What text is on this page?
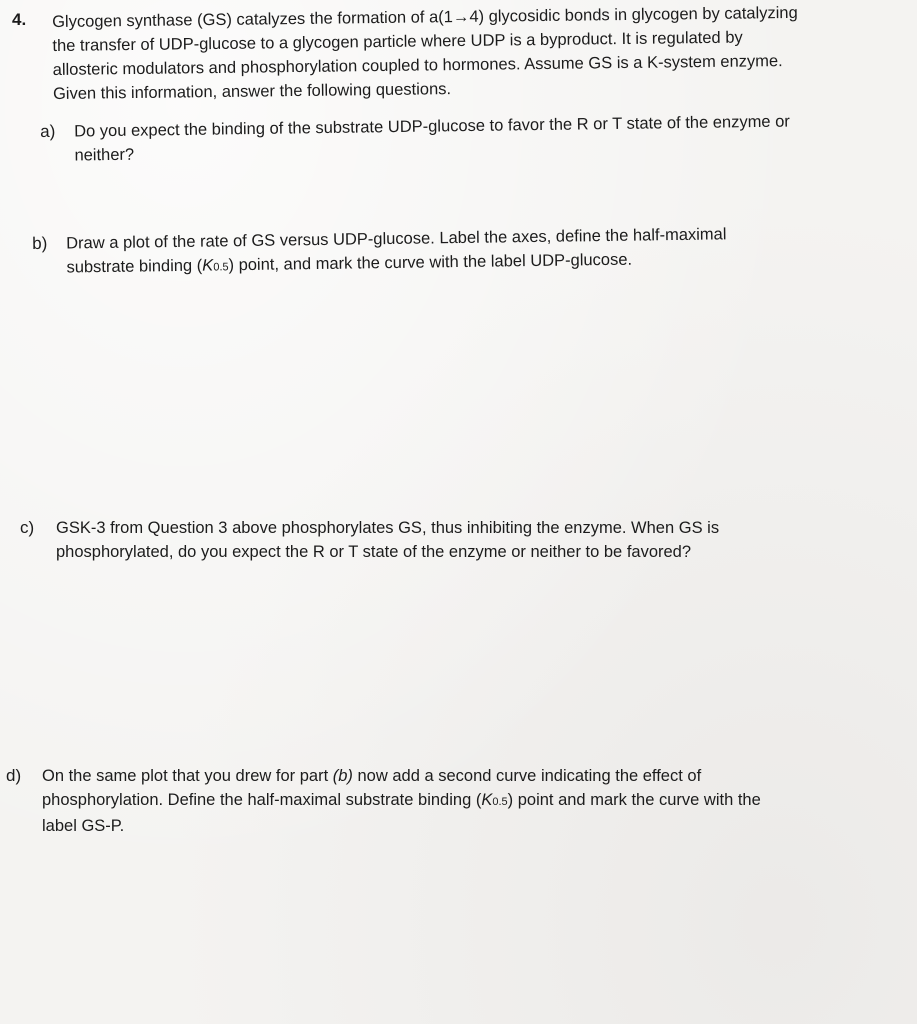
4. Glycogen synthase (GS) catalyzes the formation of a(1→4) glycosidic bonds in glycogen by catalyzing
the transfer of UDP-glucose to a glycogen particle where UDP is a byproduct. It is regulated by
allosteric modulators and phosphorylation coupled to hormones. Assume GS is a K-system enzyme.
Given this information, answer the following questions.
a)	Do you expect the binding of the substrate UDP-glucose to favor the R or T state of the enzyme or
neither?
b)	Draw a plot of the rate of GS versus UDP-glucose. Label the axes, define the half-maximal
substrate binding (K0.5) point, and mark the curve with the label UDP-glucose.
c)	GSK-3 from Question 3 above phosphorylates GS, thus inhibiting the enzyme. When GS is
phosphorylated, do you expect the R or T state of the enzyme or neither to be favored?
d)	On the same plot that you drew for part (b) now add a second curve indicating the effect of
phosphorylation. Define the half-maximal substrate binding (K0.5) point and mark the curve with the
label GS-P.
